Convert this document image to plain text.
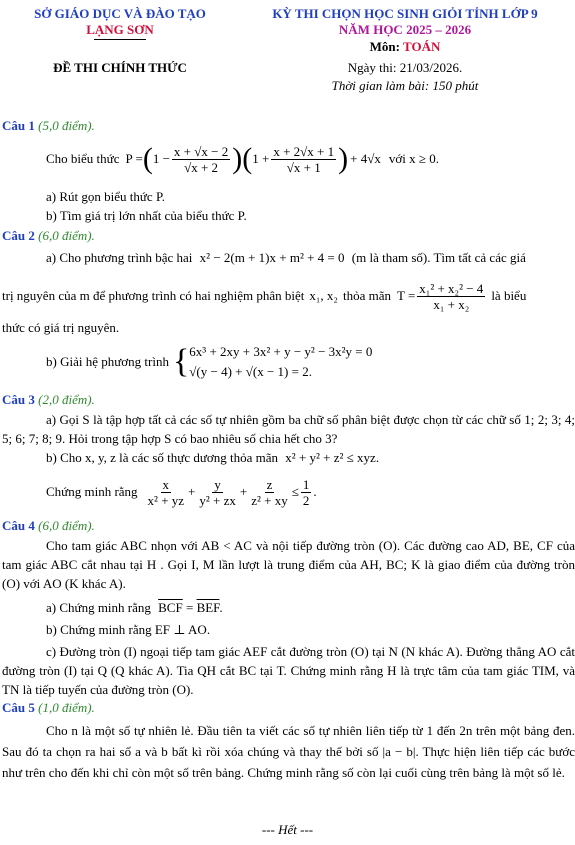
SỞ GIÁO DỤC VÀ ĐÀO TẠO
LẠNG SƠN
KỲ THI CHỌN HỌC SINH GIỎI TỈNH LỚP 9
NĂM HỌC 2025 – 2026
Môn: TOÁN
ĐỀ THI CHÍNH THỨC	Ngày thi: 21/03/2026.
Thời gian làm bài: 150 phút
Câu 1 (5,0 điểm).
Cho biểu thức P = ( $1 - \frac{x + √x - 2}{√x + 2}$ )( $1 + \frac{x + 2√x + 1}{√x + 1}$ ) + 4√x với x ≥ 0.
a) Rút gọn biểu thức P.
b) Tìm giá trị lớn nhất của biểu thức P.
Câu 2 (6,0 điểm).
a) Cho phương trình bậc hai x² − 2(m + 1)x + m² + 4 = 0 (m là tham số). Tìm tất cả các giá
trị nguyên của m để phương trình có hai nghiệm phân biệt x₁, x₂ thỏa mãn $T = \frac{\text{x₁² + x₂² − 4}}{\text{x₁ + x₂}}$ là biểu
thức có giá trị nguyên.
b) Giải hệ phương trình { 6x³ + 2xy + 3x² + y − y² − 3x²y = 0
√(y − 4) + √(x − 1) = 2.
Câu 3 (2,0 điểm).
a) Gọi S là tập hợp tất cả các số tự nhiên gồm ba chữ số phân biệt được chọn từ các chữ số 1; 2; 3; 4; 5; 6; 7; 8; 9. Hỏi trong tập hợp S có bao nhiêu số chia hết cho 3?
b) Cho x, y, z là các số thực dương thỏa mãn x² + y² + z² ≤ xyz.
Chứng minh rằng $\frac{x}{\text{x² + yz}} + \frac{y}{\text{y² + zx}} + \frac{z}{\text{z² + xy}} \le \frac{1}{2}$ .
Câu 4 (6,0 điểm).
Cho tam giác ABC nhọn với AB < AC và nội tiếp đường tròn (O). Các đường cao AD, BE, CF của tam giác ABC cắt nhau tại H . Gọi I, M lần lượt là trung điểm của AH, BC; K là giao điểm của đường tròn (O) với AO (K khác A).
a) Chứng minh rằng $\overline{BCF} = \overline{BEF}$.
b) Chứng minh rằng EF ⊥ AO.
c) Đường tròn (I) ngoại tiếp tam giác AEF cắt đường tròn (O) tại N (N khác A). Đường thẳng AO cắt đường tròn (I) tại Q (Q khác A). Tia QH cắt BC tại T. Chứng minh rằng H là trực tâm của tam giác TIM, và TN là tiếp tuyến của đường tròn (O).
Câu 5 (1,0 điểm).
Cho n là một số tự nhiên lẻ. Đầu tiên ta viết các số tự nhiên liên tiếp từ 1 đến 2n trên một bảng đen. Sau đó ta chọn ra hai số a và b bất kì rồi xóa chúng và thay thế bởi số |a − b|. Thực hiện liên tiếp các bước như trên cho đến khi chỉ còn một số trên bảng. Chứng minh rằng số còn lại cuối cùng trên bảng là một số lẻ.
--- Hết ---
